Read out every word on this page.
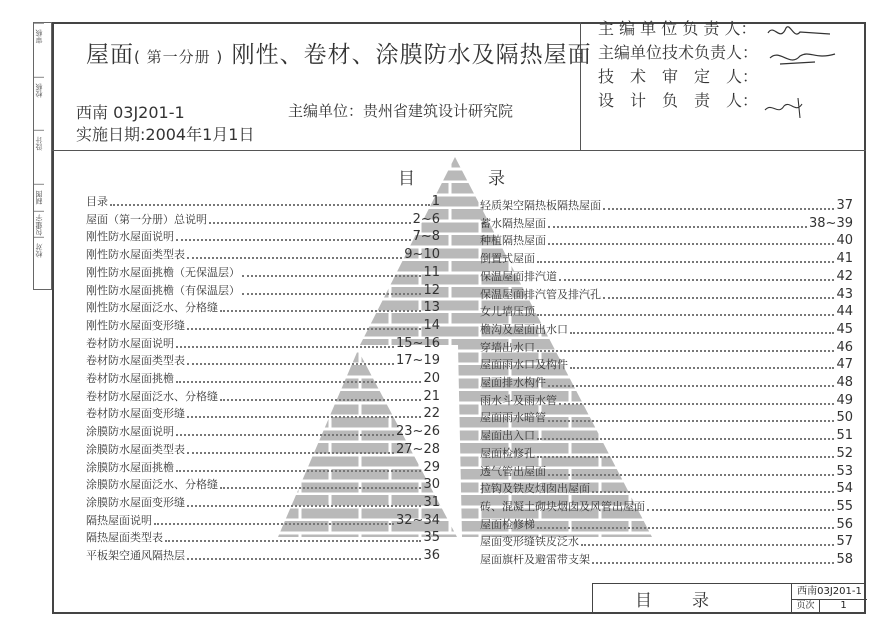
审核
校核
设计
制图
包建宇
校对
屋面( 第一分册 ) 刚性、卷材、涂膜防水及隔热屋面
西南 03J201-1	主编单位：贵州省建筑设计研究院
实施日期:2004年1月1日
主 编 单 位 负 责 人：
主编单位技术负责人：
技　术　审　定　人：
设　计　负　责　人：
目	录
目录	1
屋面（第一分册）总说明	2~6
刚性防水屋面说明	7~8
刚性防水屋面类型表	9~10
刚性防水屋面挑檐（无保温层）	11
刚性防水屋面挑檐（有保温层）	12
刚性防水屋面泛水、分格缝	13
刚性防水屋面变形缝	14
卷材防水屋面说明	15~16
卷材防水屋面类型表	17~19
卷材防水屋面挑檐	20
卷材防水屋面泛水、分格缝	21
卷材防水屋面变形缝	22
涂膜防水屋面说明	23~26
涂膜防水屋面类型表	27~28
涂膜防水屋面挑檐	29
涂膜防水屋面泛水、分格缝	30
涂膜防水屋面变形缝	31
隔热屋面说明	32~34
隔热屋面类型表	35
平板架空通风隔热层	36
轻质架空隔热板隔热屋面	37
蓄水隔热屋面	38~39
种植隔热屋面	40
倒置式屋面	41
保温屋面排汽道	42
保温屋面排汽管及排汽孔	43
女儿墙压顶	44
檐沟及屋面出水口	45
穿墙出水口	46
屋面雨水口及构件	47
屋面排水构件	48
雨水斗及雨水管	49
屋面雨水暗管	50
屋面出入口	51
屋面检修孔	52
透气管出屋面	53
拉钩及铁皮烟囱出屋面	54
砖、混凝土砌块烟囱及风管出屋面	55
屋面检修梯	56
屋面变形缝铁皮泛水	57
屋面旗杆及避雷带支架	58
目录	西南03J201-1
页次	1
